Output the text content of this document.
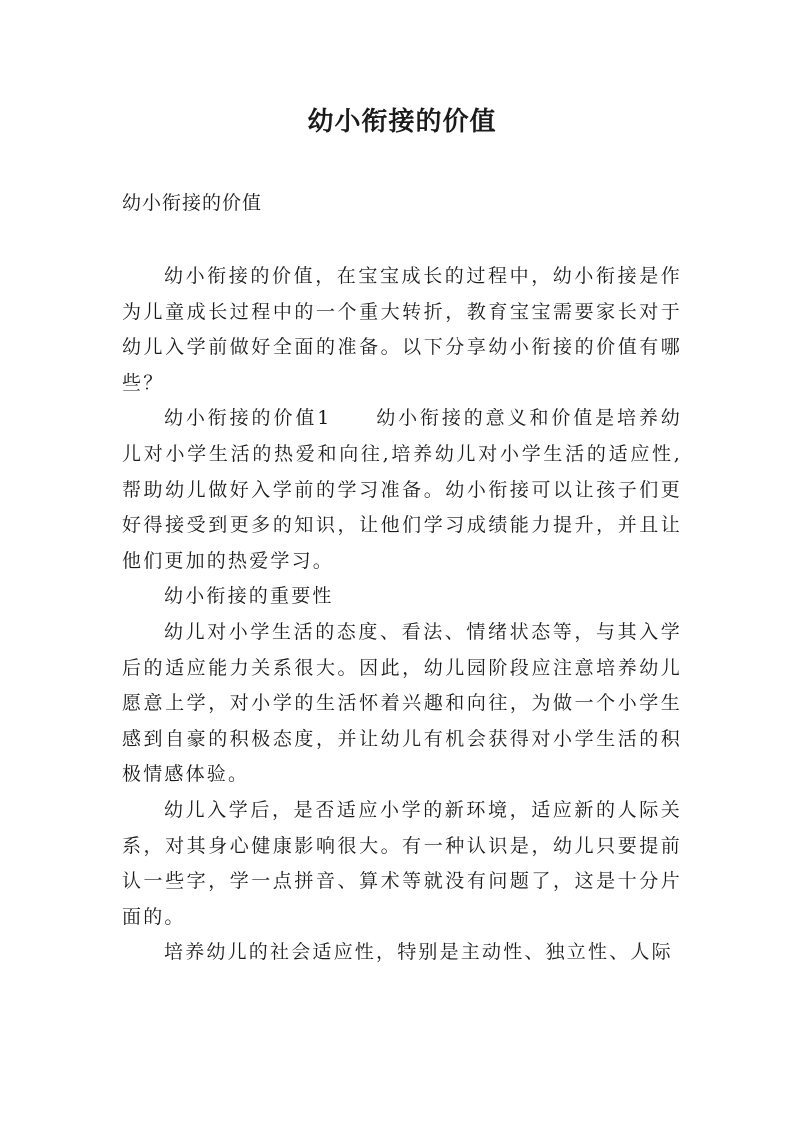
幼小衔接的价值

幼小衔接的价值

幼小衔接的价值，在宝宝成长的过程中，幼小衔接是作为儿童成长过程中的一个重大转折，教育宝宝需要家长对于幼儿入学前做好全面的准备。以下分享幼小衔接的价值有哪些？

幼小衔接的价值1 幼小衔接的意义和价值是培养幼儿对小学生活的热爱和向往,培养幼儿对小学生活的适应性,帮助幼儿做好入学前的学习准备。幼小衔接可以让孩子们更好得接受到更多的知识，让他们学习成绩能力提升，并且让他们更加的热爱学习。

幼小衔接的重要性

幼儿对小学生活的态度、看法、情绪状态等，与其入学后的适应能力关系很大。因此，幼儿园阶段应注意培养幼儿愿意上学，对小学的生活怀着兴趣和向往，为做一个小学生感到自豪的积极态度，并让幼儿有机会获得对小学生活的积极情感体验。

幼儿入学后，是否适应小学的新环境，适应新的人际关系，对其身心健康影响很大。有一种认识是，幼儿只要提前认一些字，学一点拼音、算术等就没有问题了，这是十分片面的。

培养幼儿的社会适应性，特别是主动性、独立性、人际
